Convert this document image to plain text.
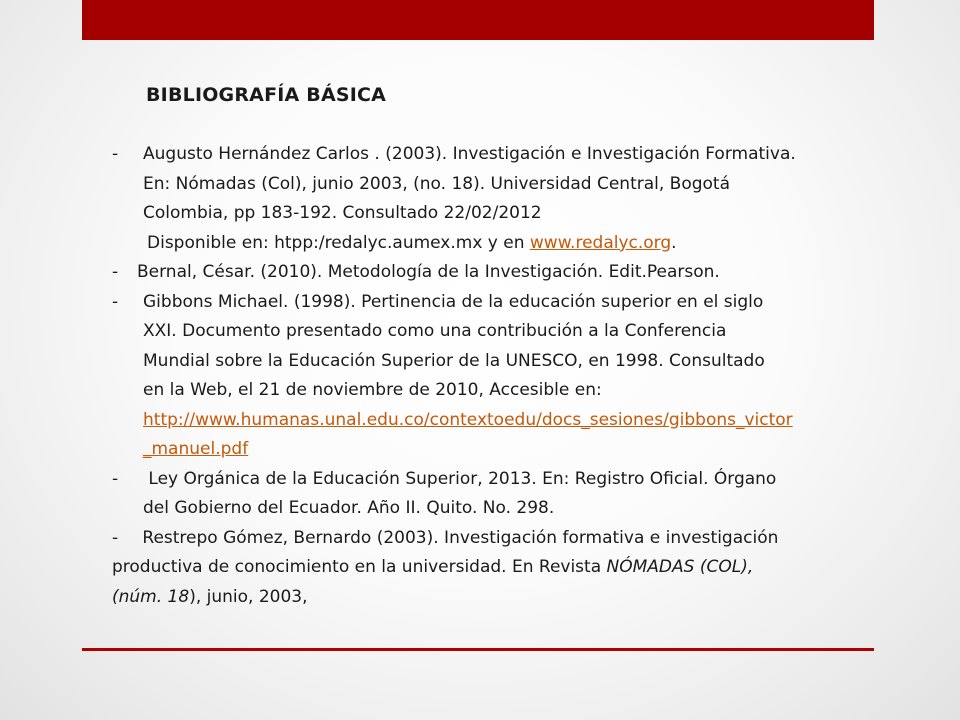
BIBLIOGRAFÍA BÁSICA
- Augusto Hernández Carlos . (2003). Investigación e Investigación Formativa.
En: Nómadas (Col), junio 2003, (no. 18). Universidad Central, Bogotá
Colombia, pp 183-192. Consultado 22/02/2012
Disponible en: htpp:/redalyc.aumex.mx y en www.redalyc.org.
- Bernal, César. (2010). Metodología de la Investigación. Edit.Pearson.
- Gibbons Michael. (1998). Pertinencia de la educación superior en el siglo
XXI. Documento presentado como una contribución a la Conferencia
Mundial sobre la Educación Superior de la UNESCO, en 1998. Consultado
en la Web, el 21 de noviembre de 2010, Accesible en:
http://www.humanas.unal.edu.co/contextoedu/docs_sesiones/gibbons_victor
_manuel.pdf
- Ley Orgánica de la Educación Superior, 2013. En: Registro Oficial. Órgano
del Gobierno del Ecuador. Año II. Quito. No. 298.
- Restrepo Gómez, Bernardo (2003). Investigación formativa e investigación
productiva de conocimiento en la universidad. En Revista NÓMADAS (COL),
(núm. 18), junio, 2003,
